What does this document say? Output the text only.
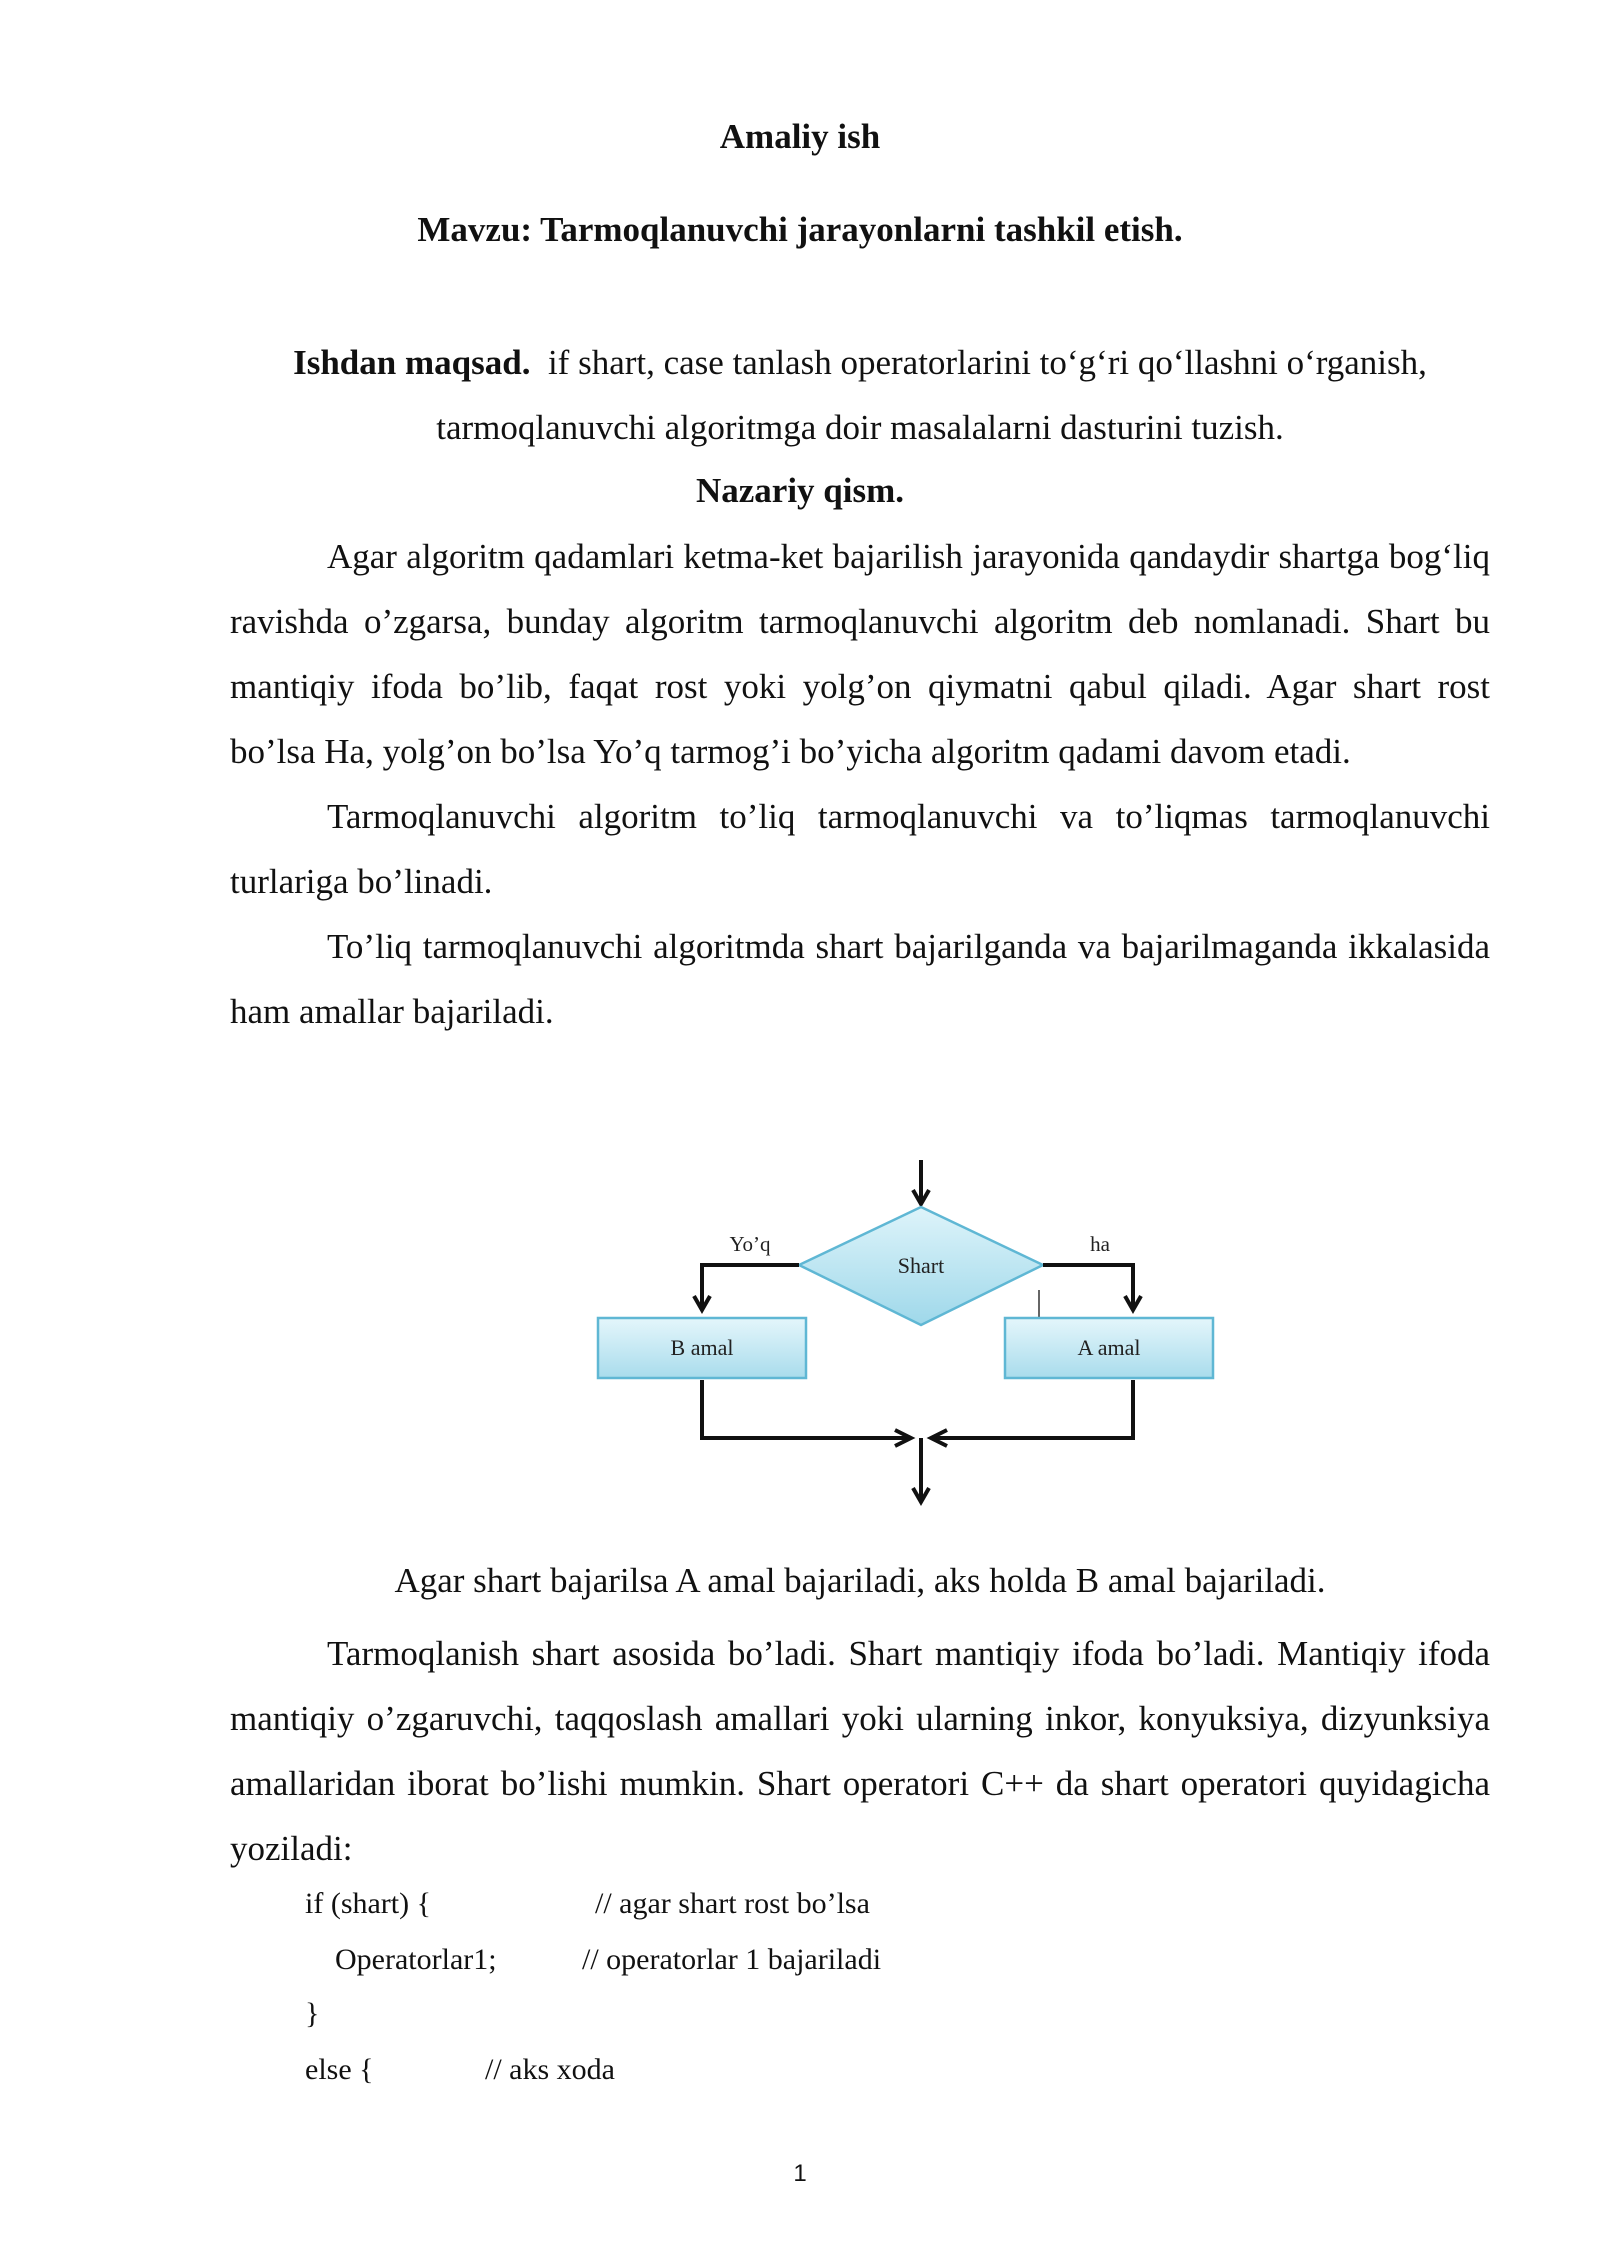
Amaliy ish
Mavzu: Tarmoqlanuvchi jarayonlarni tashkil etish.
Ishdan maqsad. if shart, case tanlash operatorlarini to‘g‘ri qo‘llashni o‘rganish,
tarmoqlanuvchi algoritmga doir masalalarni dasturini tuzish.
Nazariy qism.

Agar algoritm qadamlari ketma-ket bajarilish jarayonida qandaydir shartga bog‘liq ravishda o’zgarsa, bunday algoritm tarmoqlanuvchi algoritm deb nomlanadi. Shart bu mantiqiy ifoda bo’lib, faqat rost yoki yolg’on qiymatni qabul qiladi. Agar shart rost bo’lsa Ha, yolg’on bo’lsa Yo’q tarmog’i bo’yicha algoritm qadami davom etadi.

Tarmoqlanuvchi algoritm to’liq tarmoqlanuvchi va to’liqmas tarmoqlanuvchi turlariga bo’linadi.

To’liq tarmoqlanuvchi algoritmda shart bajarilganda va bajarilmaganda ikkalasida ham amallar bajariladi.

Shart
Yo’q	ha
B amal	A amal
Agar shart bajarilsa A amal bajariladi, aks holda B amal bajariladi.

Tarmoqlanish shart asosida bo’ladi. Shart mantiqiy ifoda bo’ladi. Mantiqiy ifoda mantiqiy o’zgaruvchi, taqqoslash amallari yoki ularning inkor, konyuksiya, dizyunksiya amallaridan iborat bo’lishi mumkin. Shart operatori C++ da shart operatori quyidagicha yoziladi:

if (shart) {	// agar shart rost bo’lsa
Operatorlar1;	// operatorlar 1 bajariladi
}
else {	// aks xoda
1
